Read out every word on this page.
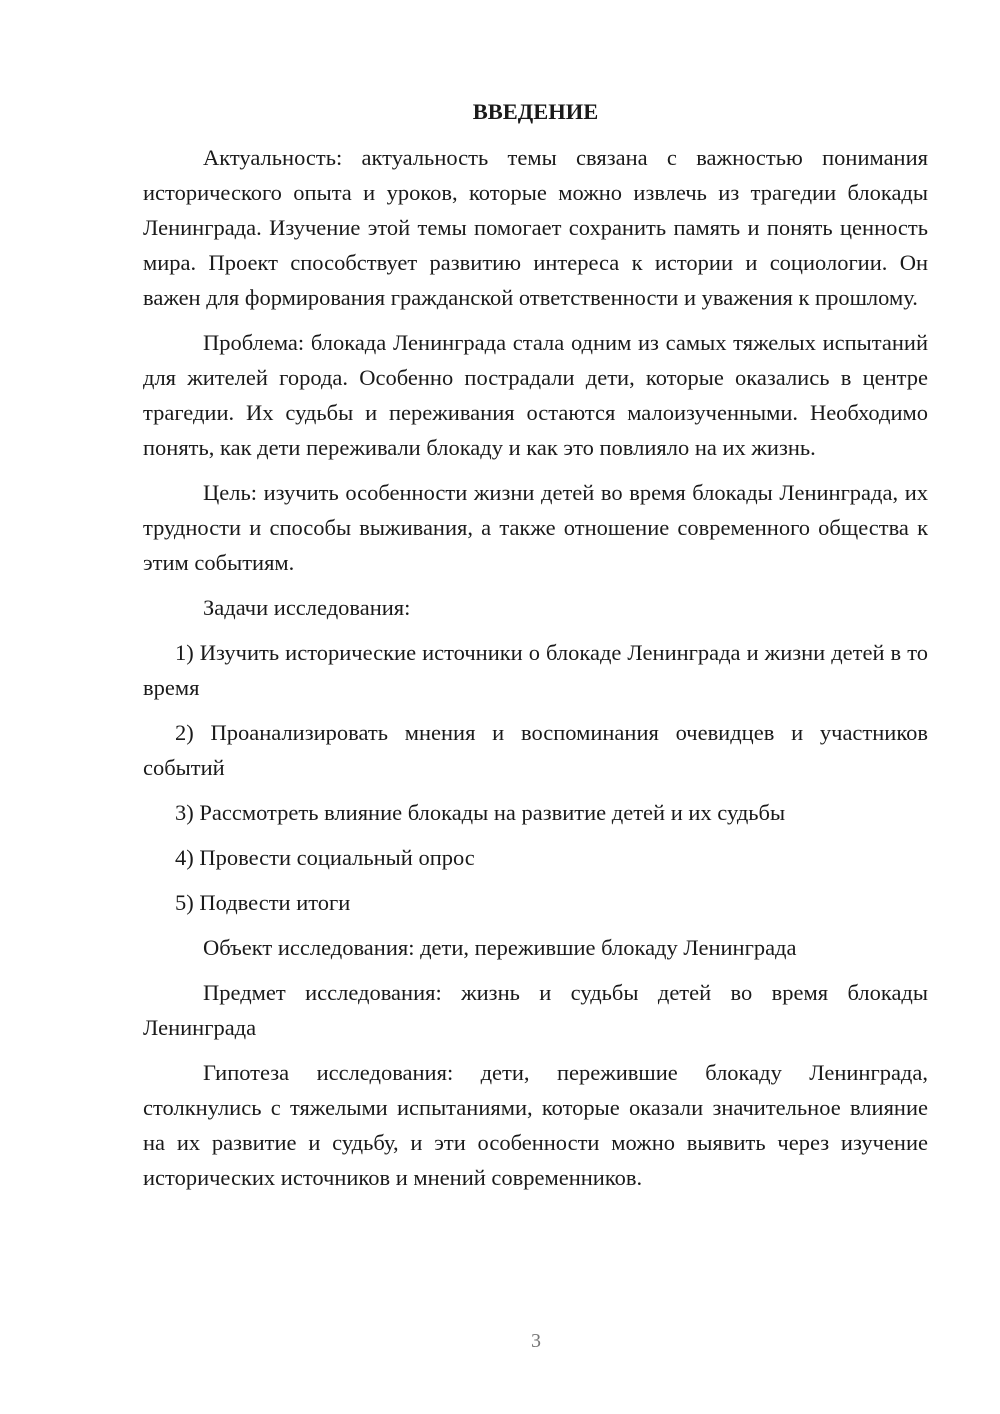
ВВЕДЕНИЕ

Актуальность: актуальность темы связана с важностью понимания исторического опыта и уроков, которые можно извлечь из трагедии блокады Ленинграда. Изучение этой темы помогает сохранить память и понять ценность мира. Проект способствует развитию интереса к истории и социологии. Он важен для формирования гражданской ответственности и уважения к прошлому.

Проблема: блокада Ленинграда стала одним из самых тяжелых испытаний для жителей города. Особенно пострадали дети, которые оказались в центре трагедии. Их судьбы и переживания остаются малоизученными. Необходимо понять, как дети переживали блокаду и как это повлияло на их жизнь.

Цель: изучить особенности жизни детей во время блокады Ленинграда, их трудности и способы выживания, а также отношение современного общества к этим событиям.

Задачи исследования:

1) Изучить исторические источники о блокаде Ленинграда и жизни детей в то время

2) Проанализировать мнения и воспоминания очевидцев и участников событий

3) Рассмотреть влияние блокады на развитие детей и их судьбы

4) Провести социальный опрос

5) Подвести итоги

Объект исследования: дети, пережившие блокаду Ленинграда

Предмет исследования: жизнь и судьбы детей во время блокады Ленинграда

Гипотеза исследования: дети, пережившие блокаду Ленинграда, столкнулись с тяжелыми испытаниями, которые оказали значительное влияние на их развитие и судьбу, и эти особенности можно выявить через изучение исторических источников и мнений современников.

3
